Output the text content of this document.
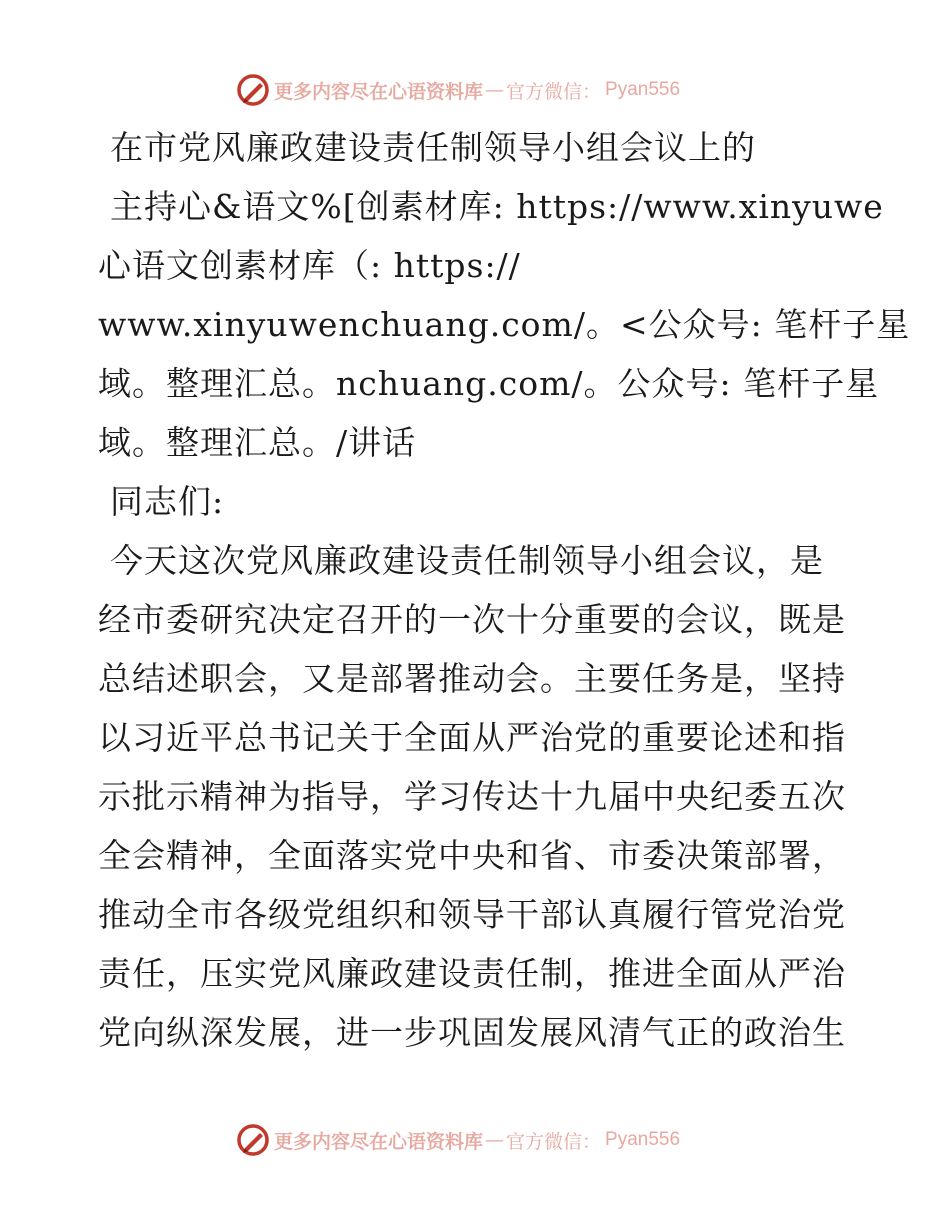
更多内容尽在心语资料库 — 官方微信： Pyan556
在市党风廉政建设责任制领导小组会议上的
主持心&语文%[创素材库: https://www.xinyuwe
心语文创素材库（: https://
www.xinyuwenchuang.com/。<公众号: 笔杆子星
域。整理汇总。nchuang.com/。公众号: 笔杆子星
域。整理汇总。/讲话
同志们:
今天这次党风廉政建设责任制领导小组会议，是
经市委研究决定召开的一次十分重要的会议，既是
总结述职会，又是部署推动会。主要任务是，坚持
以习近平总书记关于全面从严治党的重要论述和指
示批示精神为指导，学习传达十九届中央纪委五次
全会精神，全面落实党中央和省、市委决策部署，
推动全市各级党组织和领导干部认真履行管党治党
责任，压实党风廉政建设责任制，推进全面从严治
党向纵深发展，进一步巩固发展风清气正的政治生
更多内容尽在心语资料库 — 官方微信： Pyan556
